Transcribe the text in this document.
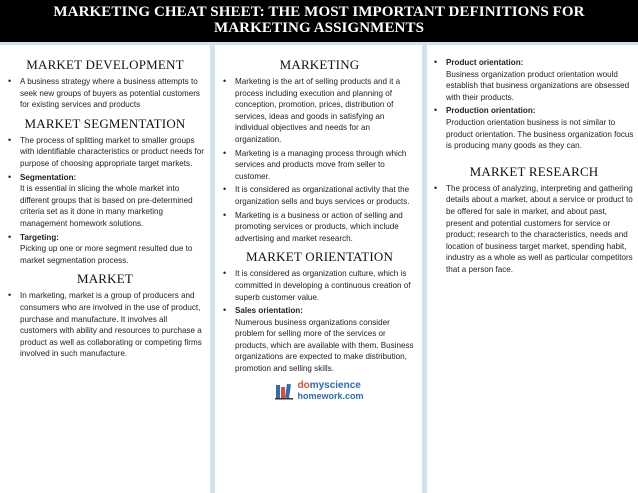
MARKETING CHEAT SHEET: THE MOST IMPORTANT DEFINITIONS FOR
MARKETING ASSIGNMENTS
MARKET DEVELOPMENT
• A business strategy where a business attempts to seek new groups of buyers as potential customers for existing services and products
MARKET SEGMENTATION
• The process of splitting market to smaller groups with identifiable characteristics or product needs for purpose of choosing appropriate target markets.
• Segmentation:
It is essential in slicing the whole market into different groups that is based on pre-determined criteria set as it done in many marketing management homework solutions.
• Targeting:
Picking up one or more segment resulted due to market segmentation process.
MARKET
• In marketing, market is a group of producers and consumers who are involved in the use of product, purchase and manufacture. It involves all customers with ability and resources to purchase a product as well as collaborating or competing firms involved in such manufacture.
MARKETING
• Marketing is the art of selling products and it a process including execution and planning of conception, promotion, prices, distribution of services, ideas and goods in satisfying an individual objectives and needs for an organization.
• Marketing is a managing process through which services and products move from seller to customer.
• It is considered as organizational activity that the organization sells and buys services or products.
• Marketing is a business or action of selling and promoting services or products, which include advertising and market research.
MARKET ORIENTATION
• It is considered as organization culture, which is committed in developing a continuous creation of superb customer value.
• Sales orientation:
Numerous business organizations consider problem for selling more of the services or products, which are available with them. Business organizations are expected to make distribution, promotion and selling skills.
domyscience
homework.com
• Product orientation:
Business organization product orientation would establish that business organizations are obsessed with their products.
• Production orientation:
Production orientation business is not similar to product orientation. The business organization focus is producing many goods as they can.
MARKET RESEARCH
• The process of analyzing, interpreting and gathering details about a market, about a service or product to be offered for sale in market, and about past, present and potential customers for service or product; research to the characteristics, needs and location of business target market, spending habit, industry as a whole as well as particular competitors that a person face.
